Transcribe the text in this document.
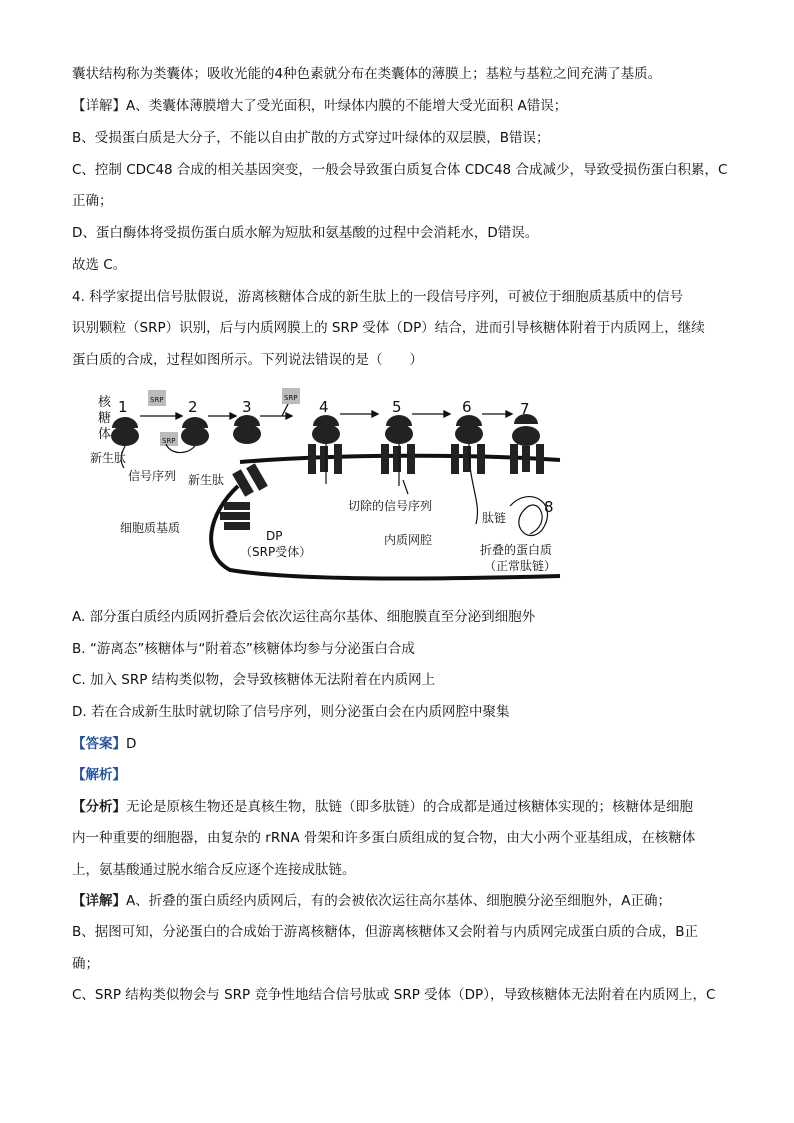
囊状结构称为类囊体；吸收光能的4种色素就分布在类囊体的薄膜上；基粒与基粒之间充满了基质。
【详解】A、类囊体薄膜增大了受光面积，叶绿体内膜的不能增大受光面积 A错误；
B、受损蛋白质是大分子，不能以自由扩散的方式穿过叶绿体的双层膜，B错误；
C、控制 CDC48 合成的相关基因突变，一般会导致蛋白质复合体 CDC48 合成减少，导致受损伤蛋白积累，C
正确；
D、蛋白酶体将受损伤蛋白质水解为短肽和氨基酸的过程中会消耗水，D错误。
故选 C。
4. 科学家提出信号肽假说，游离核糖体合成的新生肽上的一段信号序列，可被位于细胞质基质中的信号
识别颗粒（SRP）识别，后与内质网膜上的 SRP 受体（DP）结合，进而引导核糖体附着于内质网上，继续
蛋白质的合成，过程如图所示。下列说法错误的是（　　）
核
糖
体
SRP	SRP
SRP
1	2	3	4	5	6	7
8
新生肽
信号序列 新生肽
切除的信号序列
肽链
细胞质基质
DP
（SRP受体）
内质网腔
折叠的蛋白质
（正常肽链）
A. 部分蛋白质经内质网折叠后会依次运往高尔基体、细胞膜直至分泌到细胞外
B. “游离态”核糖体与“附着态”核糖体均参与分泌蛋白合成
C. 加入 SRP 结构类似物，会导致核糖体无法附着在内质网上
D. 若在合成新生肽时就切除了信号序列，则分泌蛋白会在内质网腔中聚集
【答案】D
【解析】
【分析】无论是原核生物还是真核生物，肽链（即多肽链）的合成都是通过核糖体实现的；核糖体是细胞
内一种重要的细胞器，由复杂的 rRNA 骨架和许多蛋白质组成的复合物，由大小两个亚基组成，在核糖体
上，氨基酸通过脱水缩合反应逐个连接成肽链。
【详解】A、折叠的蛋白质经内质网后，有的会被依次运往高尔基体、细胞膜分泌至细胞外，A正确；
B、据图可知，分泌蛋白的合成始于游离核糖体，但游离核糖体又会附着与内质网完成蛋白质的合成，B正
确；
C、SRP 结构类似物会与 SRP 竞争性地结合信号肽或 SRP 受体（DP），导致核糖体无法附着在内质网上，C
